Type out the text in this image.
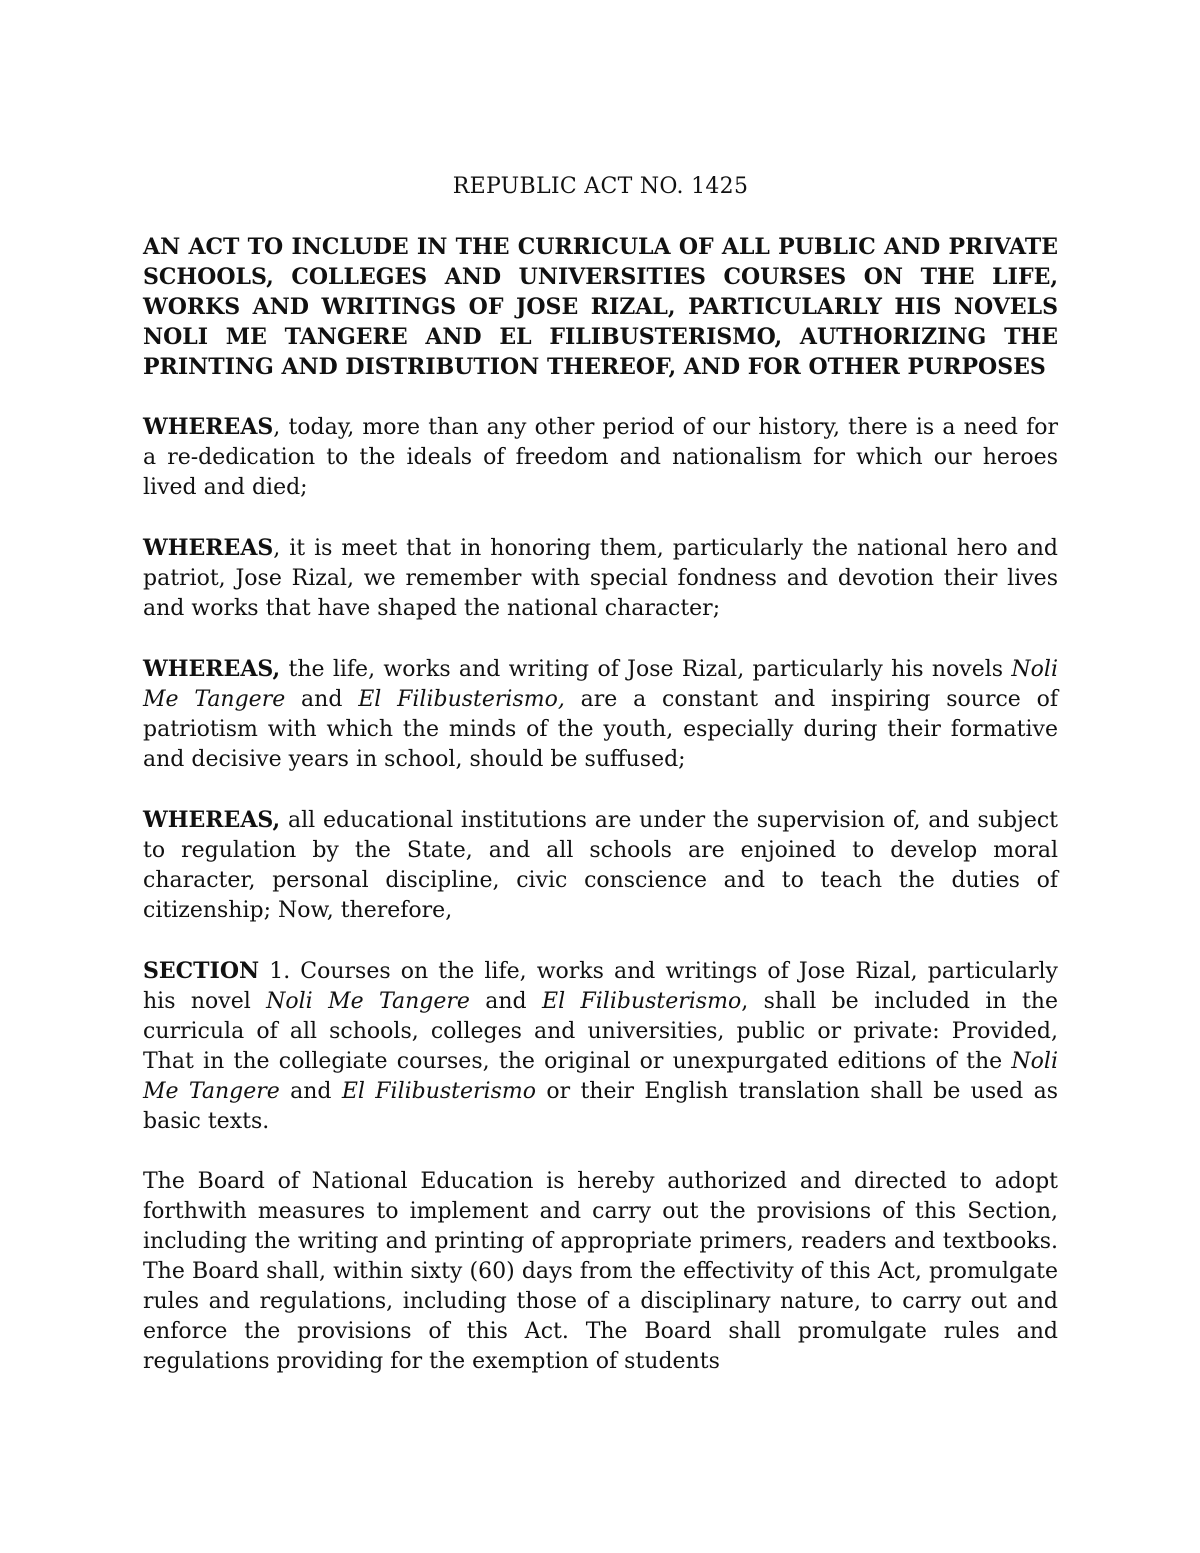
REPUBLIC ACT NO. 1425
AN ACT TO INCLUDE IN THE CURRICULA OF ALL PUBLIC AND PRIVATE SCHOOLS, COLLEGES AND UNIVERSITIES COURSES ON THE LIFE, WORKS AND WRITINGS OF JOSE RIZAL, PARTICULARLY HIS NOVELS NOLI ME TANGERE AND EL FILIBUSTERISMO, AUTHORIZING THE PRINTING AND DISTRIBUTION THEREOF, AND FOR OTHER PURPOSES

WHEREAS, today, more than any other period of our history, there is a need for a re-dedication to the ideals of freedom and nationalism for which our heroes lived and died;

WHEREAS, it is meet that in honoring them, particularly the national hero and patriot, Jose Rizal, we remember with special fondness and devotion their lives and works that have shaped the national character;

WHEREAS, the life, works and writing of Jose Rizal, particularly his novels Noli Me Tangere and El Filibusterismo, are a constant and inspiring source of patriotism with which the minds of the youth, especially during their formative and decisive years in school, should be suffused;

WHEREAS, all educational institutions are under the supervision of, and subject to regulation by the State, and all schools are enjoined to develop moral character, personal discipline, civic conscience and to teach the duties of citizenship; Now, therefore,

SECTION 1. Courses on the life, works and writings of Jose Rizal, particularly his novel Noli Me Tangere and El Filibusterismo, shall be included in the curricula of all schools, colleges and universities, public or private: Provided, That in the collegiate courses, the original or unexpurgated editions of the Noli Me Tangere and El Filibusterismo or their English translation shall be used as basic texts.

The Board of National Education is hereby authorized and directed to adopt forthwith measures to implement and carry out the provisions of this Section, including the writing and printing of appropriate primers, readers and textbooks. The Board shall, within sixty (60) days from the effectivity of this Act, promulgate rules and regulations, including those of a disciplinary nature, to carry out and enforce the provisions of this Act. The Board shall promulgate rules and regulations providing for the exemption of students
